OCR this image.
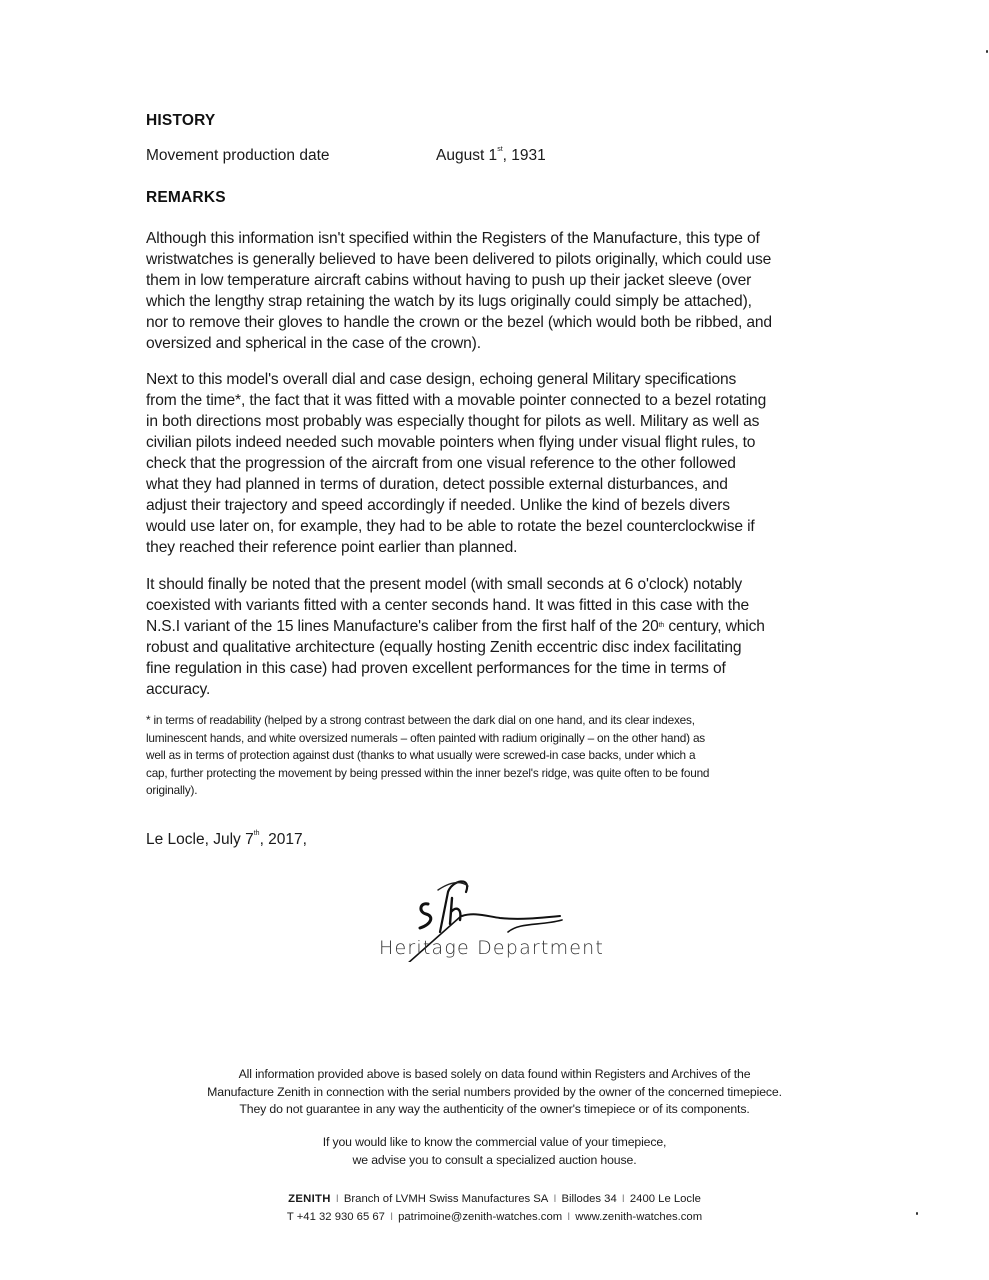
HISTORY
Movement production date	August 1st, 1931
REMARKS
Although this information isn't specified within the Registers of the Manufacture, this type of
wristwatches is generally believed to have been delivered to pilots originally, which could use
them in low temperature aircraft cabins without having to push up their jacket sleeve (over
which the lengthy strap retaining the watch by its lugs originally could simply be attached),
nor to remove their gloves to handle the crown or the bezel (which would both be ribbed, and
oversized and spherical in the case of the crown).
Next to this model's overall dial and case design, echoing general Military specifications
from the time*, the fact that it was fitted with a movable pointer connected to a bezel rotating
in both directions most probably was especially thought for pilots as well. Military as well as
civilian pilots indeed needed such movable pointers when flying under visual flight rules, to
check that the progression of the aircraft from one visual reference to the other followed
what they had planned in terms of duration, detect possible external disturbances, and
adjust their trajectory and speed accordingly if needed. Unlike the kind of bezels divers
would use later on, for example, they had to be able to rotate the bezel counterclockwise if
they reached their reference point earlier than planned.
It should finally be noted that the present model (with small seconds at 6 o'clock) notably
coexisted with variants fitted with a center seconds hand. It was fitted in this case with the
N.S.I variant of the 15 lines Manufacture's caliber from the first half of the 20th century, which
robust and qualitative architecture (equally hosting Zenith eccentric disc index facilitating
fine regulation in this case) had proven excellent performances for the time in terms of
accuracy.
* in terms of readability (helped by a strong contrast between the dark dial on one hand, and its clear indexes,
luminescent hands, and white oversized numerals – often painted with radium originally – on the other hand) as
well as in terms of protection against dust (thanks to what usually were screwed-in case backs, under which a
cap, further protecting the movement by being pressed within the inner bezel's ridge, was quite often to be found
originally).
Le Locle, July 7th, 2017,
Heritage Department
All information provided above is based solely on data found within Registers and Archives of the
Manufacture Zenith in connection with the serial numbers provided by the owner of the concerned timepiece.
They do not guarantee in any way the authenticity of the owner's timepiece or of its components.
If you would like to know the commercial value of your timepiece,
we advise you to consult a specialized auction house.
ZENITH I Branch of LVMH Swiss Manufactures SA I Billodes 34 I 2400 Le Locle
T +41 32 930 65 67 I patrimoine@zenith-watches.com I www.zenith-watches.com
